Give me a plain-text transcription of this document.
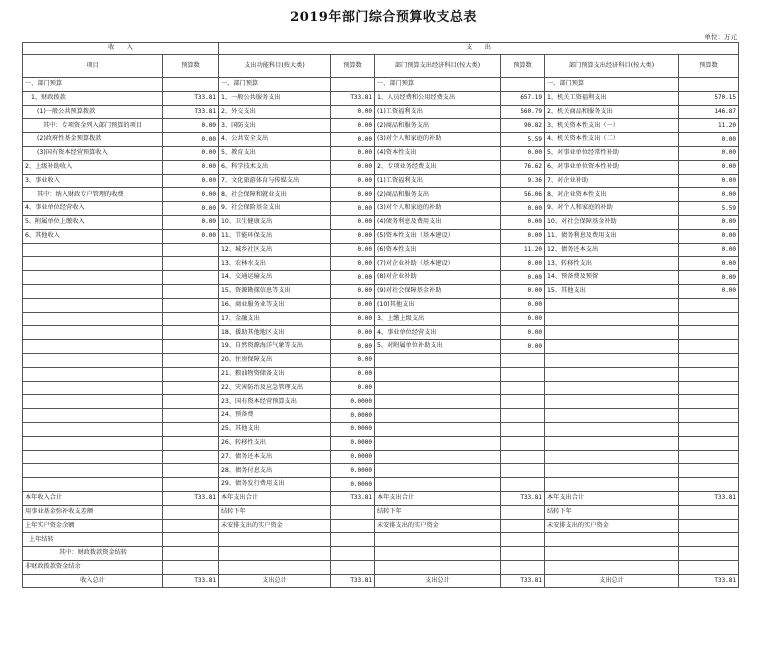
2019年部门综合预算收支总表
单位：万元
收　　入		支　　出					
项目	预算数	支出功能科目(按大类)	预算数	部门预算支出经济科目(按大类)	预算数	部门预算支出经济科目(按大类)	预算数
一、部门预算		一、部门预算		一、部门预算		一、部门预算	
1、财政拨款	T33.81	1、一般公共服务支出	T33.81	1、人员经费和公用经费支出	657.19	1、机关工资福利支出	570.15
(1)一般公共预算拨款	T33.81	2、外交支出	0.00	(1)工资福利支出	560.79	2、机关商品和服务支出	146.87
其中：专项资金列入部门预算的项目	0.00	3、国防支出	0.00	(2)商品和服务支出	90.82	3、机关资本性支出（一）	11.20
(2)政府性基金预算拨款	0.00	4、公共安全支出	0.00	(3)对个人和家庭的补助	5.59	4、机关资本性支出（二）	0.00
(3)国有资本经营预算收入	0.00	5、教育支出	0.00	(4)资本性支出	0.00	5、对事业单位经常性补助	0.00
2、上级补助收入	0.00	6、科学技术支出	0.00	2、专项业务经费支出	76.62	6、对事业单位资本性补助	0.00
3、事业收入	0.00	7、文化旅游体育与传媒支出	0.00	(1)工资福利支出	9.36	7、对企业补助	0.00
其中：纳入财政专户管理的收费	0.00	8、社会保障和就业支出	0.00	(2)商品和服务支出	56.06	8、对企业资本性支出	0.00
4、事业单位经营收入	0.00	9、社会保险基金支出	0.00	(3)对个人和家庭的补助	0.00	9、对个人和家庭的补助	5.59
5、附属单位上缴收入	0.00	10、卫生健康支出	0.00	(4)债务利息及费用支出	0.00	10、对社会保障基金补助	0.00
6、其他收入	0.00	11、节能环保支出	0.00	(5)资本性支出（基本建设）	0.00	11、债务利息及费用支出	0.00
		12、城乡社区支出	0.00	(6)资本性支出	11.20	12、债务还本支出	0.00
		13、农林水支出	0.00	(7)对企业补助（基本建设）	0.00	13、转移性支出	0.00
		14、交通运输支出	0.00	(8)对企业补助	0.00	14、预备费及预留	0.00
		15、资源勘探信息等支出	0.00	(9)对社会保障基金补助	0.00	15、其他支出	0.00
		16、商业服务业等支出	0.00	(10)其他支出	0.00		
		17、金融支出	0.00	3、上缴上级支出	0.00		
		18、援助其他地区支出	0.00	4、事业单位经营支出	0.00		
		19、自然资源海洋气象等支出	0.00	5、对附属单位补助支出	0.00		
		20、住房保障支出	0.00				
		21、粮油物资储备支出	0.00				
		22、灾害防治及应急管理支出	0.00				
		23、国有资本经营预算支出	0.0000				
		24、预备费	0.0000				
		25、其他支出	0.0000				
		26、转移性支出	0.0000				
		27、债务还本支出	0.0000				
		28、债务付息支出	0.0000				
		29、债务发行费用支出	0.0000				
本年收入合计	T33.81	本年支出合计	T33.81	本年支出合计	T33.81	本年支出合计	T33.81
用事业基金弥补收支差额		结转下年		结转下年		结转下年	
上年实户资金余额		未安排支出的实户资金		未安排支出的实户资金		未安排支出的实户资金	
上年结转							
其中：财政拨款资金结转							
非财政拨款资金结余							
收入总计	T33.81	支出总计	T33.81	支出总计	T33.81	支出总计	T33.81
